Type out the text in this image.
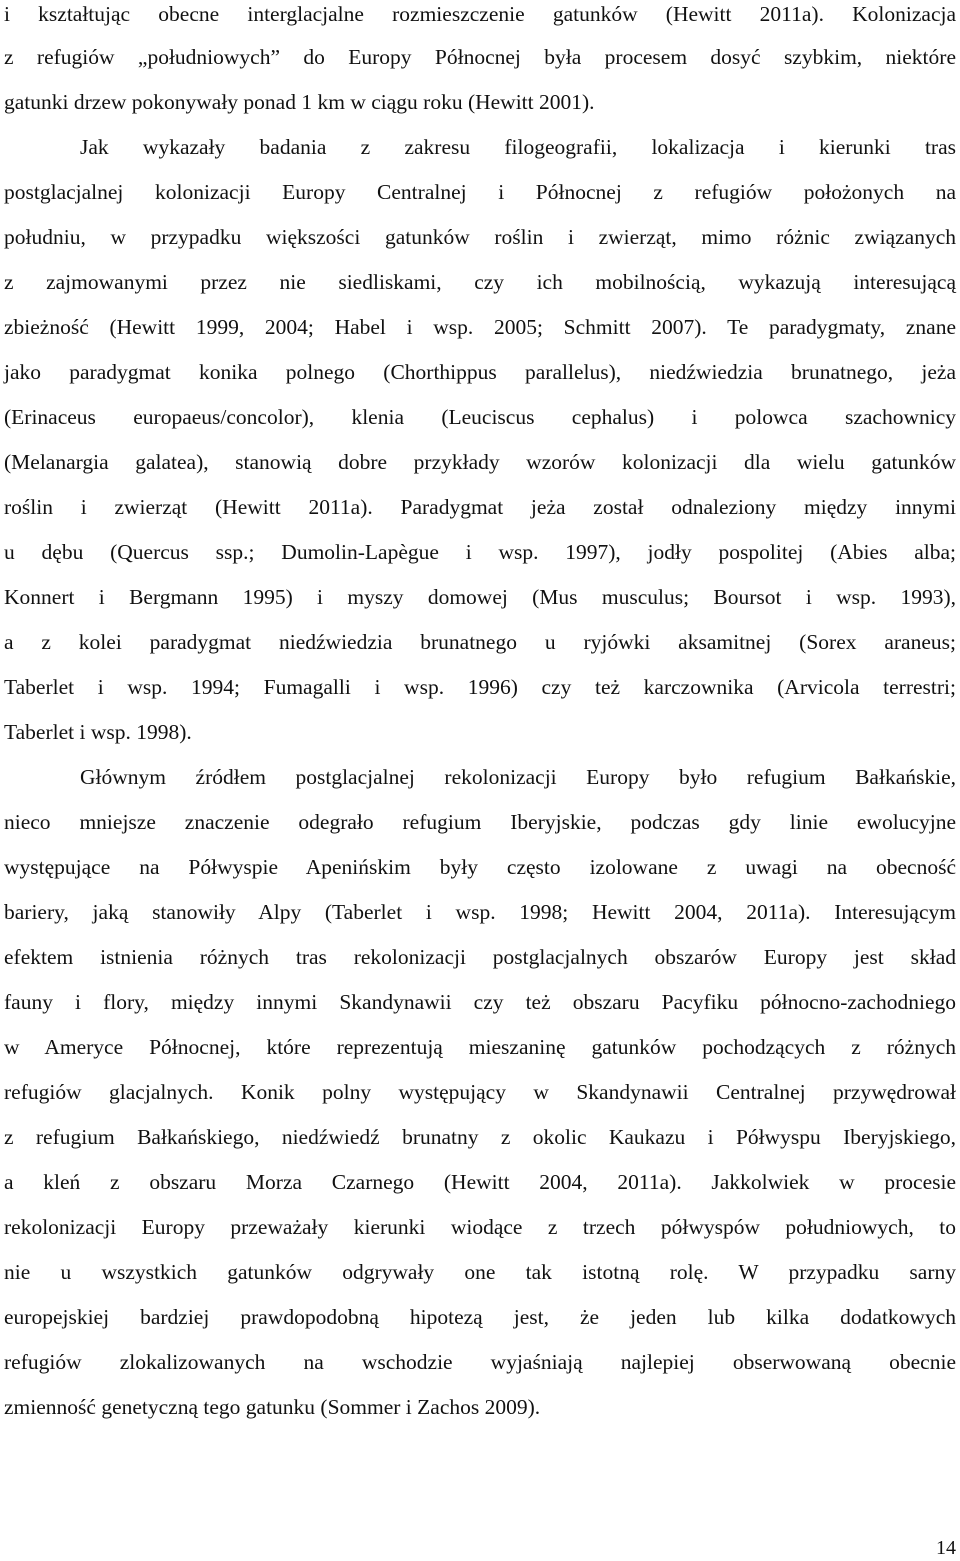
i kształtując obecne interglacjalne rozmieszczenie gatunków (Hewitt 2011a). Kolonizacja
z refugiów „południowych” do Europy Północnej była procesem dosyć szybkim, niektóre
gatunki drzew pokonywały ponad 1 km w ciągu roku (Hewitt 2001).
Jak wykazały badania z zakresu filogeografii, lokalizacja i kierunki tras
postglacjalnej kolonizacji Europy Centralnej i Północnej z refugiów położonych na
południu, w przypadku większości gatunków roślin i zwierząt, mimo różnic związanych
z zajmowanymi przez nie siedliskami, czy ich mobilnością, wykazują interesującą
zbieżność (Hewitt 1999, 2004; Habel i wsp. 2005; Schmitt 2007). Te paradygmaty, znane
jako paradygmat konika polnego (Chorthippus parallelus), niedźwiedzia brunatnego, jeża
(Erinaceus europaeus/concolor), klenia (Leuciscus cephalus) i polowca szachownicy
(Melanargia galatea), stanowią dobre przykłady wzorów kolonizacji dla wielu gatunków
roślin i zwierząt (Hewitt 2011a). Paradygmat jeża został odnaleziony między innymi
u dębu (Quercus ssp.; Dumolin-Lapègue i wsp. 1997), jodły pospolitej (Abies alba;
Konnert i Bergmann 1995) i myszy domowej (Mus musculus; Boursot i wsp. 1993),
a z kolei paradygmat niedźwiedzia brunatnego u ryjówki aksamitnej (Sorex araneus;
Taberlet i wsp. 1994; Fumagalli i wsp. 1996) czy też karczownika (Arvicola terrestri;
Taberlet i wsp. 1998).
Głównym źródłem postglacjalnej rekolonizacji Europy było refugium Bałkańskie,
nieco mniejsze znaczenie odegrało refugium Iberyjskie, podczas gdy linie ewolucyjne
występujące na Półwyspie Apenińskim były często izolowane z uwagi na obecność
bariery, jaką stanowiły Alpy (Taberlet i wsp. 1998; Hewitt 2004, 2011a). Interesującym
efektem istnienia różnych tras rekolonizacji postglacjalnych obszarów Europy jest skład
fauny i flory, między innymi Skandynawii czy też obszaru Pacyfiku północno-zachodniego
w Ameryce Północnej, które reprezentują mieszaninę gatunków pochodzących z różnych
refugiów glacjalnych. Konik polny występujący w Skandynawii Centralnej przywędrował
z refugium Bałkańskiego, niedźwiedź brunatny z okolic Kaukazu i Półwyspu Iberyjskiego,
a kleń z obszaru Morza Czarnego (Hewitt 2004, 2011a). Jakkolwiek w procesie
rekolonizacji Europy przeważały kierunki wiodące z trzech półwyspów południowych, to
nie u wszystkich gatunków odgrywały one tak istotną rolę. W przypadku sarny
europejskiej bardziej prawdopodobną hipotezą jest, że jeden lub kilka dodatkowych
refugiów zlokalizowanych na wschodzie wyjaśniają najlepiej obserwowaną obecnie
zmienność genetyczną tego gatunku (Sommer i Zachos 2009).
14
